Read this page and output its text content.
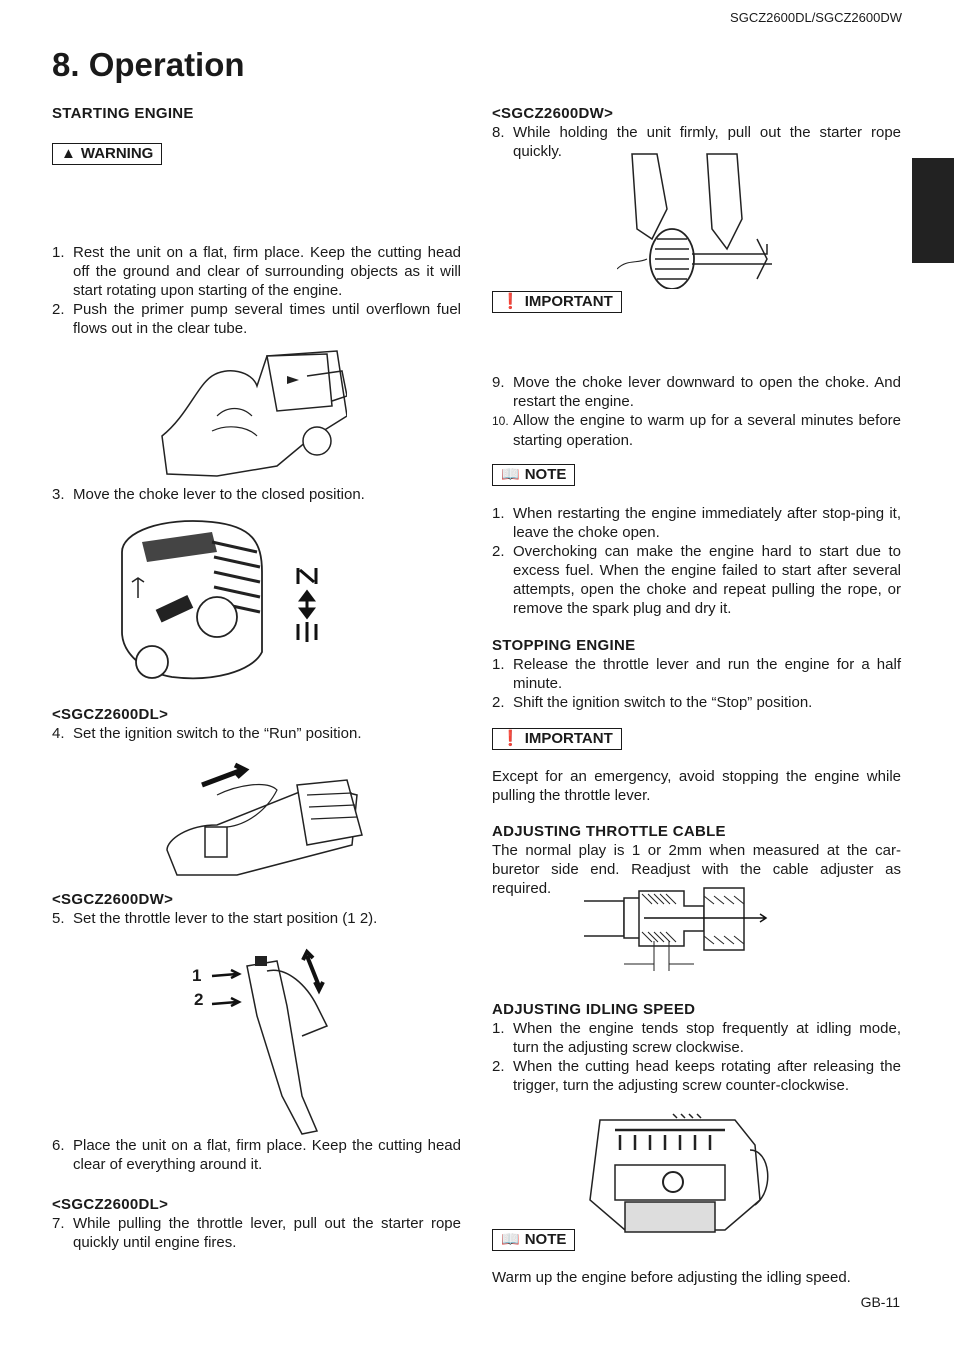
SGCZ2600DL/SGCZ2600DW
8. Operation
STARTING ENGINE
▲ WARNING
1. Rest the unit on a flat, firm place. Keep the cutting head off the ground and clear of surrounding objects as it will start rotating upon starting of the engine.
2. Push the primer pump several times until overflown fuel flows out in the clear tube.
3. Move the choke lever to the closed position.
<SGCZ2600DL>
4. Set the ignition switch to the “Run” position.
<SGCZ2600DW>
5. Set the throttle lever to the start position (1 2).
1
2
6. Place the unit on a flat, firm place. Keep the cutting head clear of everything around it.
<SGCZ2600DL>
7. While pulling the throttle lever, pull out the starter rope quickly until engine fires.
<SGCZ2600DW>
8. While holding the unit firmly, pull out the starter rope quickly.
❗ IMPORTANT
9. Move the choke lever downward to open the choke. And restart the engine.
10. Allow the engine to warm up for a several minutes before starting operation.
📖 NOTE
1. When restarting the engine immediately after stop-ping it, leave the choke open.
2. Overchoking can make the engine hard to start due to excess fuel. When the engine failed to start after several attempts, open the choke and repeat pulling the rope, or remove the spark plug and dry it.
STOPPING ENGINE
1. Release the throttle lever and run the engine for a half minute.
2. Shift the ignition switch to the “Stop” position.
❗ IMPORTANT
Except for an emergency, avoid stopping the engine while pulling the throttle lever.
ADJUSTING THROTTLE CABLE
The normal play is 1 or 2mm when measured at the car-buretor side end. Readjust with the cable adjuster as required.
ADJUSTING IDLING SPEED
1. When the engine tends stop frequently at idling mode, turn the adjusting screw clockwise.
2. When the cutting head keeps rotating after releasing the trigger, turn the adjusting screw counter-clockwise.
📖 NOTE
Warm up the engine before adjusting the idling speed.
GB-11
